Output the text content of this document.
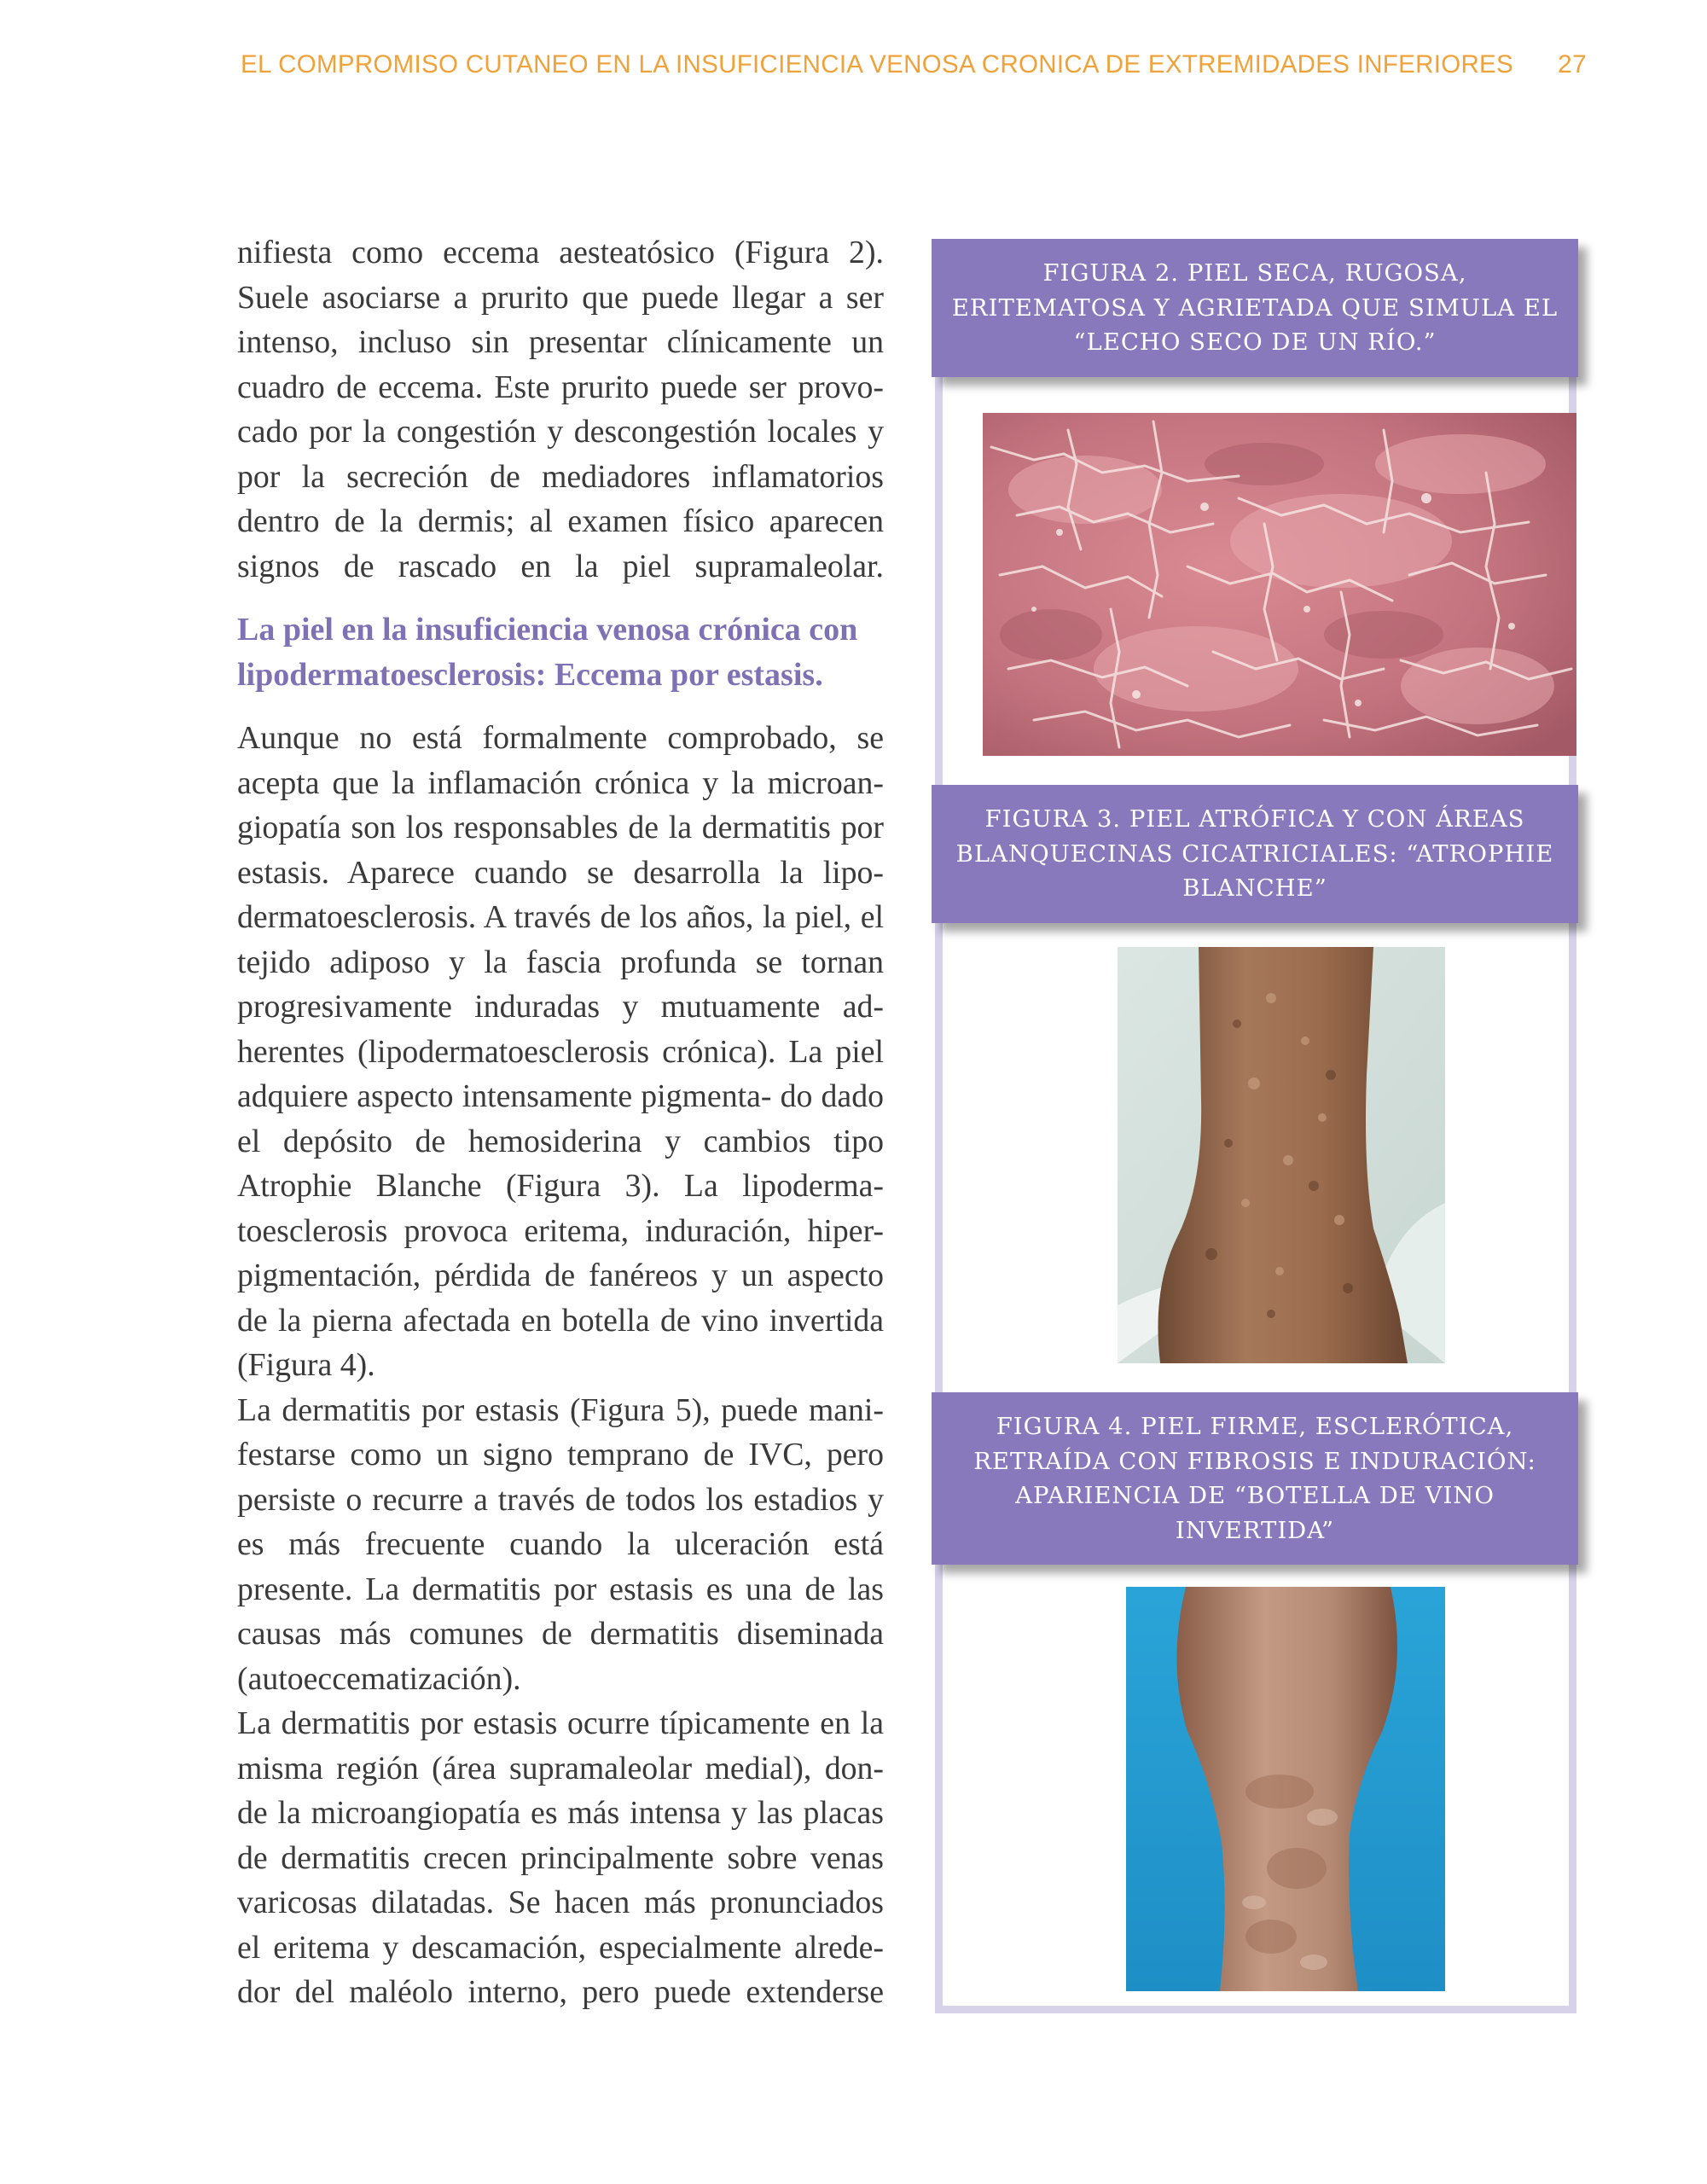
EL COMPROMISO CUTANEO EN LA INSUFICIENCIA VENOSA CRONICA DE EXTREMIDADES INFERIORES 27

nifiesta como eccema aesteatósico (Figura 2). Suele asociarse a prurito que puede llegar a ser intenso, incluso sin presentar clínicamente un cuadro de eccema. Este prurito puede ser provo- cado por la congestión y descongestión locales y por la secreción de mediadores inflamatorios dentro de la dermis; al examen físico aparecen signos de rascado en la piel supramaleolar.

La piel en la insuficiencia venosa crónica con
lipodermatoesclerosis: Eccema por estasis.

Aunque no está formalmente comprobado, se acepta que la inflamación crónica y la microan- giopatía son los responsables de la dermatitis por estasis. Aparece cuando se desarrolla la lipo- dermatoesclerosis. A través de los años, la piel, el tejido adiposo y la fascia profunda se tornan progresivamente induradas y mutuamente ad- herentes (lipodermatoesclerosis crónica). La piel adquiere aspecto intensamente pigmenta- do dado el depósito de hemosiderina y cambios tipo Atrophie Blanche (Figura 3). La lipoderma- toesclerosis provoca eritema, induración, hiper- pigmentación, pérdida de fanéreos y un aspecto de la pierna afectada en botella de vino invertida (Figura 4).

La dermatitis por estasis (Figura 5), puede mani- festarse como un signo temprano de IVC, pero persiste o recurre a través de todos los estadios y es más frecuente cuando la ulceración está presente. La dermatitis por estasis es una de las causas más comunes de dermatitis diseminada (autoeccematización).

La dermatitis por estasis ocurre típicamente en la misma región (área supramaleolar medial), don- de la microangiopatía es más intensa y las placas de dermatitis crecen principalmente sobre venas varicosas dilatadas. Se hacen más pronunciados el eritema y descamación, especialmente alrede- dor del maléolo interno, pero puede extenderse

FIGURA 2. PIEL SECA, RUGOSA,
ERITEMATOSA Y AGRIETADA QUE SIMULA EL
“LECHO SECO DE UN RÍO.”
FIGURA 3. PIEL ATRÓFICA Y CON ÁREAS
BLANQUECINAS CICATRICIALES: “ATROPHIE
BLANCHE”
FIGURA 4. PIEL FIRME, ESCLERÓTICA,
RETRAÍDA CON FIBROSIS E INDURACIÓN:
APARIENCIA DE “BOTELLA DE VINO
INVERTIDA”
